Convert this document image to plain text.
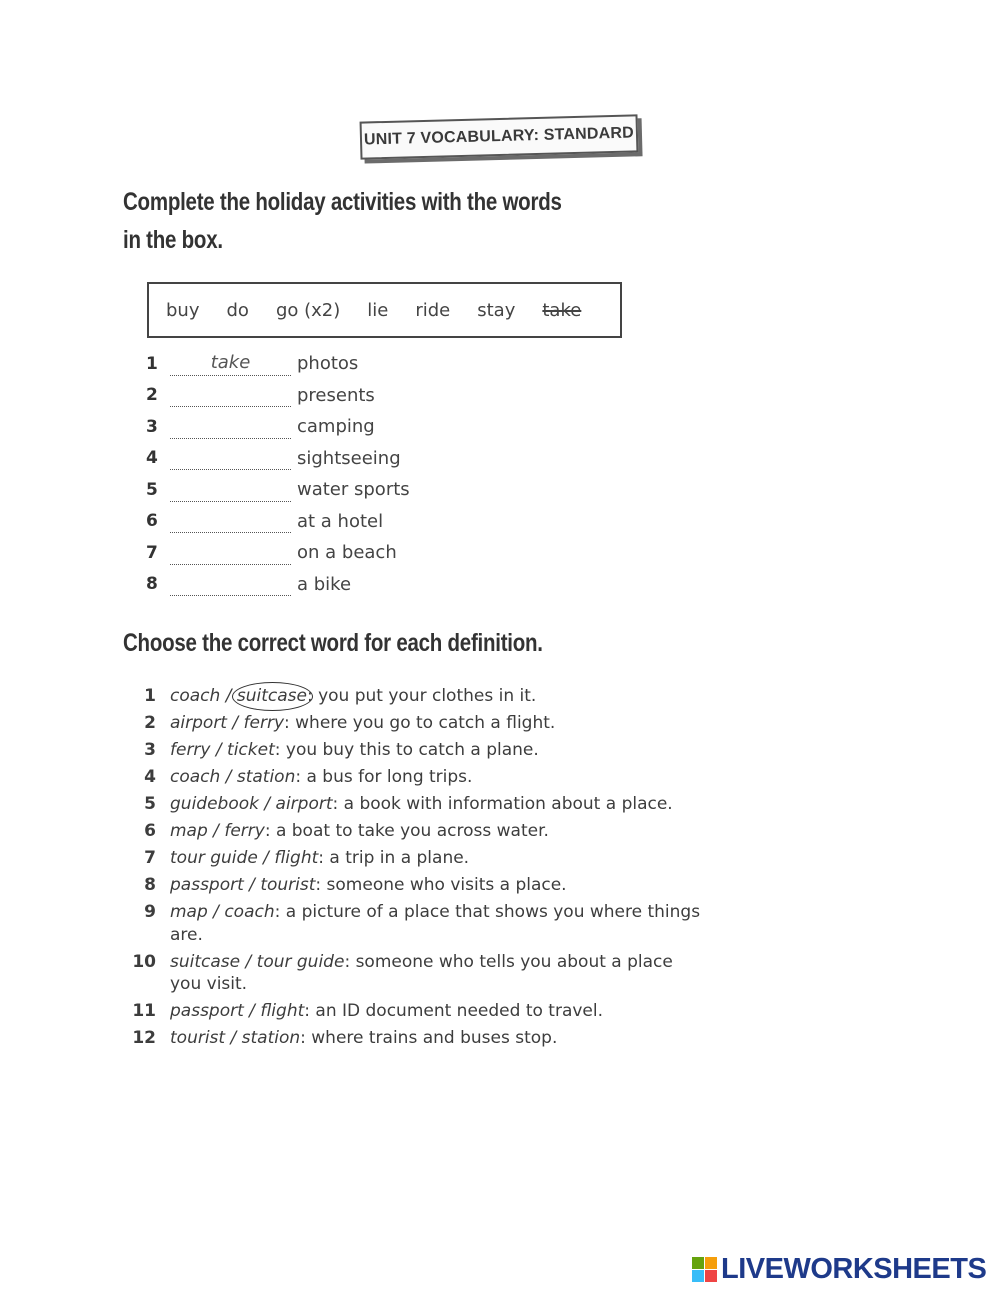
UNIT 7 VOCABULARY: STANDARD
Complete the holiday activities with the words in the box.
buy do go (x2) lie ride stay take
1	take	photos
2	presents
3	camping
4	sightseeing
5	water sports
6	at a hotel
7	on a beach
8	a bike
Choose the correct word for each definition.
1 coach / suitcase: you put your clothes in it.
2 airport / ferry: where you go to catch a flight.
3 ferry / ticket: you buy this to catch a plane.
4 coach / station: a bus for long trips.
5 guidebook / airport: a book with information about a place.
6 map / ferry: a boat to take you across water.
7 tour guide / flight: a trip in a plane.
8 passport / tourist: someone who visits a place.
9 map / coach: a picture of a place that shows you where things are.
10 suitcase / tour guide: someone who tells you about a place you visit.
11 passport / flight: an ID document needed to travel.
12 tourist / station: where trains and buses stop.
LIVEWORKSHEETS
